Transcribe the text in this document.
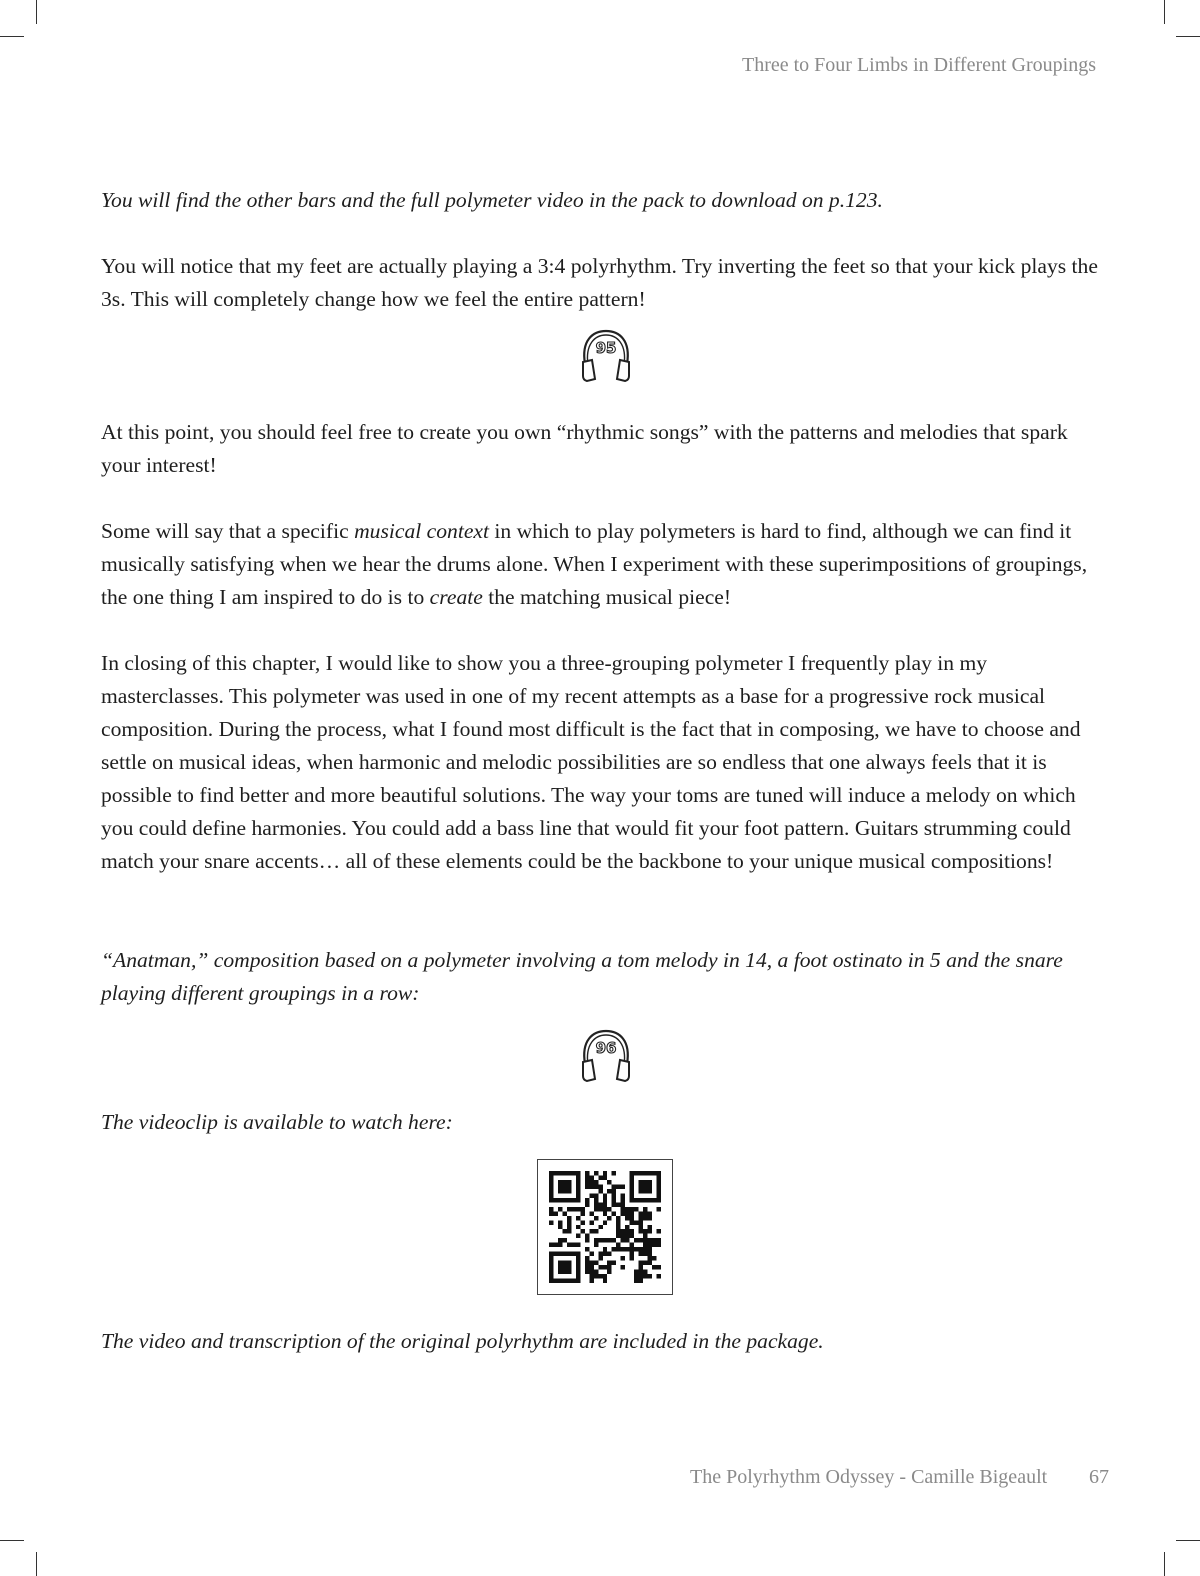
Three to Four Limbs in Different Groupings

You will find the other bars and the full polymeter video in the pack to download on p.123.

You will notice that my feet are actually playing a 3:4 polyrhythm. Try inverting the feet so that your kick plays the 3s. This will completely change how we feel the entire pattern!

95

At this point, you should feel free to create you own “rhythmic songs” with the patterns and melodies that spark your interest!

Some will say that a specific musical context in which to play polymeters is hard to find, although we can find it musically satisfying when we hear the drums alone. When I experiment with these superimpositions of groupings, the one thing I am inspired to do is to create the matching musical piece!

In closing of this chapter, I would like to show you a three-grouping polymeter I frequently play in my masterclasses. This polymeter was used in one of my recent attempts as a base for a progressive rock musical composition. During the process, what I found most difficult is the fact that in composing, we have to choose and settle on musical ideas, when harmonic and melodic possibilities are so endless that one always feels that it is possible to find better and more beautiful solutions. The way your toms are tuned will induce a melody on which you could define harmonies. You could add a bass line that would fit your foot pattern. Guitars strumming could match your snare accents… all of these elements could be the backbone to your unique musical compositions!

“Anatman,” composition based on a polymeter involving a tom melody in 14, a foot ostinato in 5 and the snare playing different groupings in a row:

96

The videoclip is available to watch here:

The video and transcription of the original polyrhythm are included in the package.

The Polyrhythm Odyssey - Camille Bigeault 67
